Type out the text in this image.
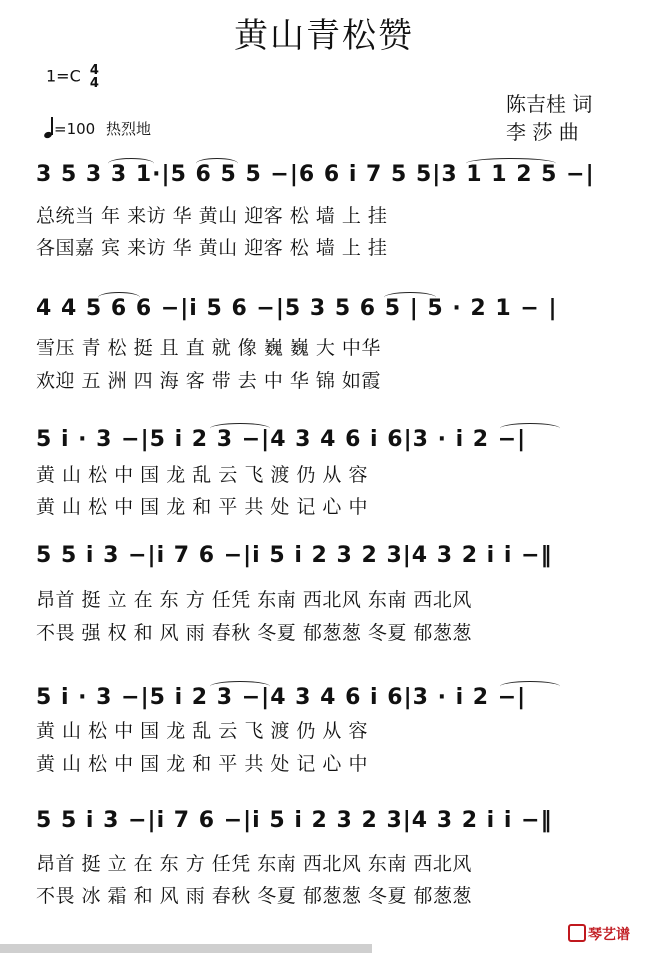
黄山青松赞
1=C 4
4
=100 热烈地
陈吉桂 词
李 莎 曲
3 5 3 3 1·|5 6 5 5 −|6 6 i 7 5 5|3 1 1 2 5 −|
总统当 年 来访 华 黄山 迎客 松 墙 上 挂
各国嘉 宾 来访 华 黄山 迎客 松 墙 上 挂
4 4 5 6 6 −|i 5 6 −|5 3 5 6 5 | 5 · 2 1 − |
雪压 青 松 挺 且 直 就 像 巍 巍 大 中华
欢迎 五 洲 四 海 客 带 去 中 华 锦 如霞
5 i · 3 −|5 i 2 3 −|4 3 4 6 i 6|3 · i 2 −|
黄 山 松 中 国 龙 乱 云 飞 渡 仍 从 容
黄 山 松 中 国 龙 和 平 共 处 记 心 中
5 5 i 3 −|i 7 6 −|i 5 i 2 3 2 3|4 3 2 i i −‖
昂首 挺 立 在 东 方 任凭 东南 西北风 东南 西北风
不畏 强 权 和 风 雨 春秋 冬夏 郁葱葱 冬夏 郁葱葱
5 i · 3 −|5 i 2 3 −|4 3 4 6 i 6|3 · i 2 −|
黄 山 松 中 国 龙 乱 云 飞 渡 仍 从 容
黄 山 松 中 国 龙 和 平 共 处 记 心 中
5 5 i 3 −|i 7 6 −|i 5 i 2 3 2 3|4 3 2 i i −‖
昂首 挺 立 在 东 方 任凭 东南 西北风 东南 西北风
不畏 冰 霜 和 风 雨 春秋 冬夏 郁葱葱 冬夏 郁葱葱
琴艺谱
